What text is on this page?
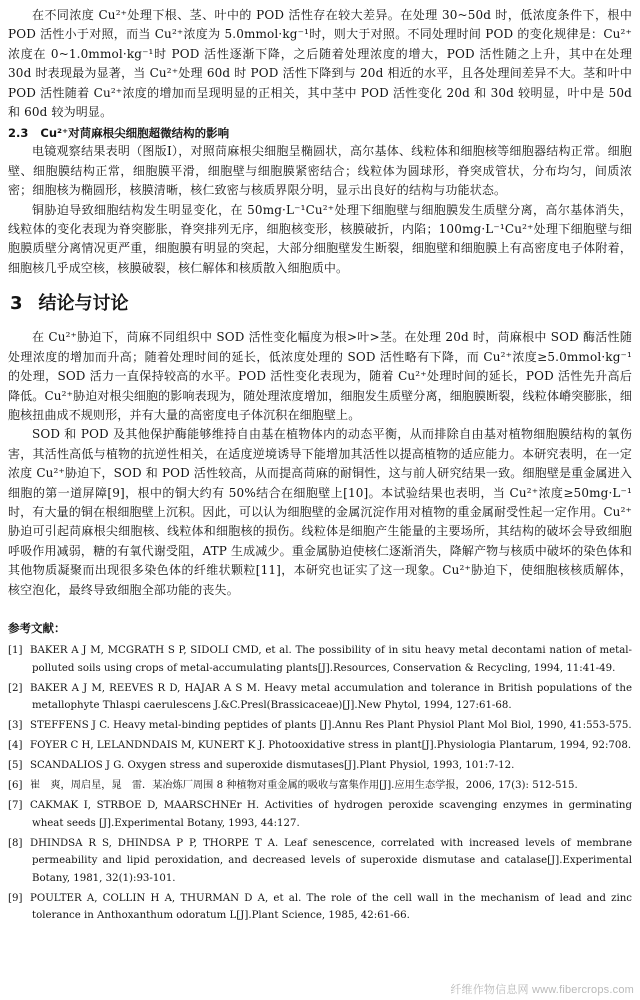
在不同浓度 Cu²⁺处理下根、茎、叶中的 POD 活性存在较大差异。在处理 30~50d 时，低浓度条件下，根中 POD 活性小于对照，而当 Cu²⁺浓度为 5.0mmol·kg⁻¹时，则大于对照。不同处理时间 POD 的变化规律是：Cu²⁺浓度在 0~1.0mmol·kg⁻¹时 POD 活性逐渐下降，之后随着处理浓度的增大，POD 活性随之上升，其中在处理 30d 时表现最为显著，当 Cu²⁺处理 60d 时 POD 活性下降到与 20d 相近的水平，且各处理间差异不大。茎和叶中 POD 活性随着 Cu²⁺浓度的增加而呈现明显的正相关，其中茎中 POD 活性变化 20d 和 30d 较明显，叶中是 50d 和 60d 较为明显。

2.3 Cu²⁺对苘麻根尖细胞超微结构的影响

电镜观察结果表明（图版Ⅰ），对照苘麻根尖细胞呈椭圆状，高尔基体、线粒体和细胞核等细胞器结构正常。细胞壁、细胞膜结构正常，细胞膜平滑，细胞壁与细胞膜紧密结合；线粒体为圆球形，脊突成管状，分布均匀，间质浓密；细胞核为椭圆形，核膜清晰，核仁致密与核质界限分明，显示出良好的结构与功能状态。

铜胁迫导致细胞结构发生明显变化，在 50mg·L⁻¹Cu²⁺处理下细胞壁与细胞膜发生质壁分离，高尔基体消失，线粒体的变化表现为脊突膨胀，脊突排列无序，细胞核变形，核膜破折，内陷；100mg·L⁻¹Cu²⁺处理下细胞壁与细胞膜质壁分离情况更严重，细胞膜有明显的突起，大部分细胞壁发生断裂，细胞壁和细胞膜上有高密度电子体附着，细胞核几乎成空核，核膜破裂，核仁解体和核质散入细胞质中。

3 结论与讨论

在 Cu²⁺胁迫下，苘麻不同组织中 SOD 活性变化幅度为根>叶>茎。在处理 20d 时，苘麻根中 SOD 酶活性随处理浓度的增加而升高；随着处理时间的延长，低浓度处理的 SOD 活性略有下降，而 Cu²⁺浓度≥5.0mmol·kg⁻¹的处理，SOD 活力一直保持较高的水平。POD 活性变化表现为，随着 Cu²⁺处理时间的延长，POD 活性先升高后降低。Cu²⁺胁迫对根尖细胞的影响表现为，随处理浓度增加，细胞发生质壁分离，细胞膜断裂，线粒体嵴突膨胀，细胞核扭曲成不规则形，并有大量的高密度电子体沉积在细胞壁上。

SOD 和 POD 及其他保护酶能够维持自由基在植物体内的动态平衡，从而排除自由基对植物细胞膜结构的氧伤害，其活性高低与植物的抗逆性相关，在适度逆境诱导下能增加其活性以提高植物的适应能力。本研究表明，在一定浓度 Cu²⁺胁迫下，SOD 和 POD 活性较高，从而提高苘麻的耐铜性，这与前人研究结果一致。细胞壁是重金属进入细胞的第一道屏障[9]，根中的铜大约有 50%结合在细胞壁上[10]。本试验结果也表明，当 Cu²⁺浓度≥50mg·L⁻¹时，有大量的铜在根细胞壁上沉积。因此，可以认为细胞壁的金属沉淀作用对植物的重金属耐受性起一定作用。Cu²⁺胁迫可引起苘麻根尖细胞核、线粒体和细胞核的损伤。线粒体是细胞产生能量的主要场所，其结构的破坏会导致细胞呼吸作用减弱，糖的有氧代谢受阻，ATP 生成减少。重金属胁迫使核仁逐渐消失，降解产物与核质中破坏的染色体和其他物质凝聚而出现很多染色体的纤维状颗粒[11]，本研究也证实了这一现象。Cu²⁺胁迫下，使细胞核核质解体，核空泡化，最终导致细胞全部功能的丧失。

参考文献：
[1] BAKER A J M, MCGRATH S P, SIDOLI CMD, et al. The possibility of in situ heavy metal decontami nation of metal-polluted soils using crops of metal-accumulating plants[J].Resources, Conservation & Recycling, 1994, 11:41-49.
[2] BAKER A J M, REEVES R D, HAJAR A S M. Heavy metal accumulation and tolerance in British populations of the metallophyte Thlaspi caerulescens J.&C.Presl(Brassicaceae)[J].New Phytol, 1994, 127:61-68.
[3] STEFFENS J C. Heavy metal-binding peptides of plants [J].Annu Res Plant Physiol Plant Mol Biol, 1990, 41:553-575.
[4] FOYER C H, LELANDNDAIS M, KUNERT K J. Photooxidative stress in plant[J].Physiologia Plantarum, 1994, 92:708.
[5] SCANDALIOS J G. Oxygen stress and superoxide dismutases[J].Plant Physiol, 1993, 101:7-12.
[6] 崔　爽，周启星，晁　雷．某冶炼厂周围 8 种植物对重金属的吸收与富集作用[J].应用生态学报，2006, 17(3): 512-515.
[7] CAKMAK I, STRBOE D, MAARSCHNEr H. Activities of hydrogen peroxide scavenging enzymes in germinating wheat seeds [J].Experimental Botany, 1993, 44:127.
[8] DHINDSA R S, DHINDSA P P, THORPE T A. Leaf senescence, correlated with increased levels of membrane permeability and lipid peroxidation, and decreased levels of superoxide dismutase and catalase[J].Experimental Botany, 1981, 32(1):93-101.
[9] POULTER A, COLLIN H A, THURMAN D A, et al. The role of the cell wall in the mechanism of lead and zinc tolerance in Anthoxanthum odoratum L[J].Plant Science, 1985, 42:61-66.
纤维作物信息网 www.fibercrops.com
